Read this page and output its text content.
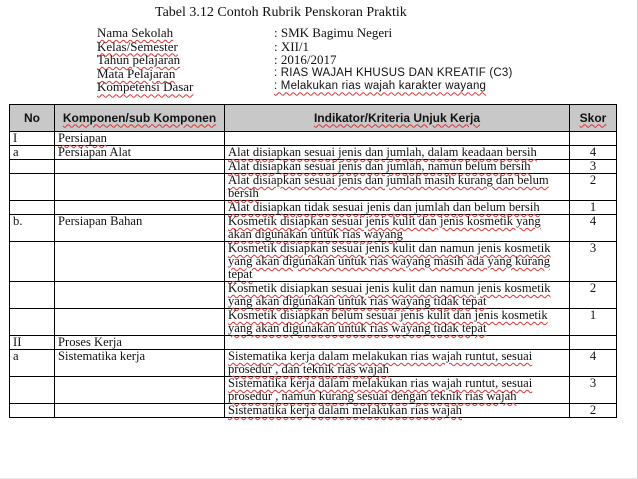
Tabel 3.12 Contoh Rubrik Penskoran Praktik
Nama Sekolah	: SMK Bagimu Negeri
Kelas/Semester	: XII/1
Tahun pelajaran	: 2016/2017
Mata Pelajaran	: RIAS WAJAH KHUSUS DAN KREATIF (C3)
Kompetensi Dasar	: Melakukan rias wajah karakter wayang
No	Komponen/sub Komponen	Indikator/Kriteria Unjuk Kerja	Skor
I	Persiapan		
a	Persiapan Alat	Alat disiapkan sesuai jenis dan jumlah, dalam keadaan bersih	4
		Alat disiapkan sesuai jenis dan jumlah, namun belum bersih	3
		Alat disiapkan sesuai jenis dan jumlah masih kurang dan belum bersih	2
		Alat disiapkan tidak sesuai jenis dan jumlah dan belum bersih	1
b.	Persiapan Bahan	Kosmetik disiapkan sesuai jenis kulit dan jenis kosmetik yang akan digunakan untuk rias wayang	4
		Kosmetik disiapkan sesuai jenis kulit dan namun jenis kosmetik yang akan digunakan untuk rias wayang masih ada yang kurang tepat	3
		Kosmetik disiapkan sesuai jenis kulit dan namun jenis kosmetik yang akan digunakan untuk rias wayang tidak tepat	2
		Kosmetik disiapkan belum sesuai jenis kulit dan jenis kosmetik yang akan digunakan untuk rias wayang tidak tepat	1
II	Proses Kerja		
a	Sistematika kerja	Sistematika kerja dalam melakukan rias wajah runtut, sesuai prosedur , dan teknik rias wajah	4
		Sistematika kerja dalam melakukan rias wajah runtut, sesuai prosedur , namun kurang sesuai dengan teknik rias wajah	3
		Sistematika kerja dalam melakukan rias wajah	2
